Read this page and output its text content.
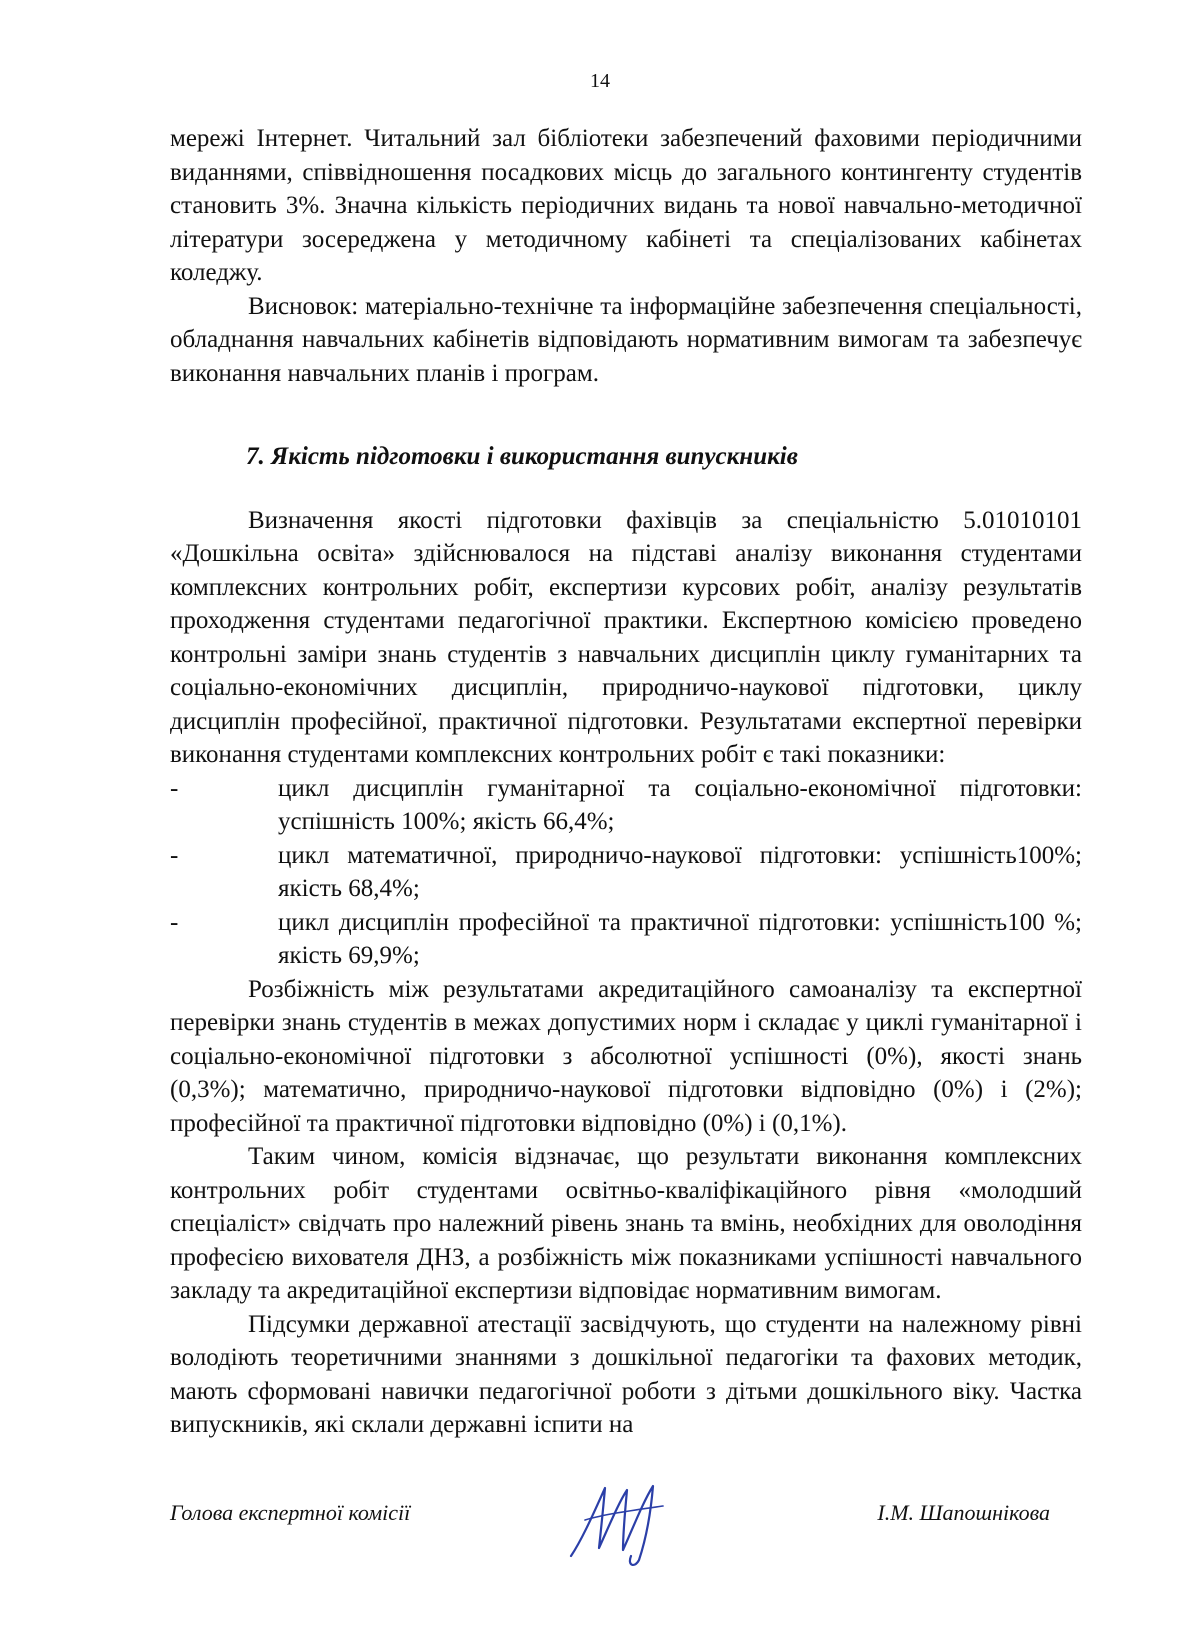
14

мережі Інтернет. Читальний зал бібліотеки забезпечений фаховими періодичними виданнями, співвідношення посадкових місць до загального контингенту студентів становить 3%. Значна кількість періодичних видань та нової навчально-методичної літератури зосереджена у методичному кабінеті та спеціалізованих кабінетах коледжу.

Висновок: матеріально-технічне та інформаційне забезпечення спеціальності, обладнання навчальних кабінетів відповідають нормативним вимогам та забезпечує виконання навчальних планів і програм.

7. Якість підготовки і використання випускників

Визначення якості підготовки фахівців за спеціальністю 5.01010101 «Дошкільна освіта» здійснювалося на підставі аналізу виконання студентами комплексних контрольних робіт, експертизи курсових робіт, аналізу результатів проходження студентами педагогічної практики. Експертною комісією проведено контрольні заміри знань студентів з навчальних дисциплін циклу гуманітарних та соціально-економічних дисциплін, природничо-наукової підготовки, циклу дисциплін професійної, практичної підготовки. Результатами експертної перевірки виконання студентами комплексних контрольних робіт є такі показники:

-	цикл дисциплін гуманітарної та соціально-економічної підготовки: успішність 100%; якість 66,4%;
-	цикл математичної, природничо-наукової підготовки: успішність100%; якість 68,4%;
-	цикл дисциплін професійної та практичної підготовки: успішність100 %; якість 69,9%;

Розбіжність між результатами акредитаційного самоаналізу та експертної перевірки знань студентів в межах допустимих норм і складає у циклі гуманітарної і соціально-економічної підготовки з абсолютної успішності (0%), якості знань (0,3%); математично, природничо-наукової підготовки відповідно (0%) і (2%); професійної та практичної підготовки відповідно (0%) і (0,1%).

Таким чином, комісія відзначає, що результати виконання комплексних контрольних робіт студентами освітньо-кваліфікаційного рівня «молодший спеціаліст» свідчать про належний рівень знань та вмінь, необхідних для оволодіння професією вихователя ДНЗ, а розбіжність між показниками успішності навчального закладу та акредитаційної експертизи відповідає нормативним вимогам.

Підсумки державної атестації засвідчують, що студенти на належному рівні володіють теоретичними знаннями з дошкільної педагогіки та фахових методик, мають сформовані навички педагогічної роботи з дітьми дошкільного віку. Частка випускників, які склали державні іспити на

Голова експертної комісії	І.М. Шапошнікова
